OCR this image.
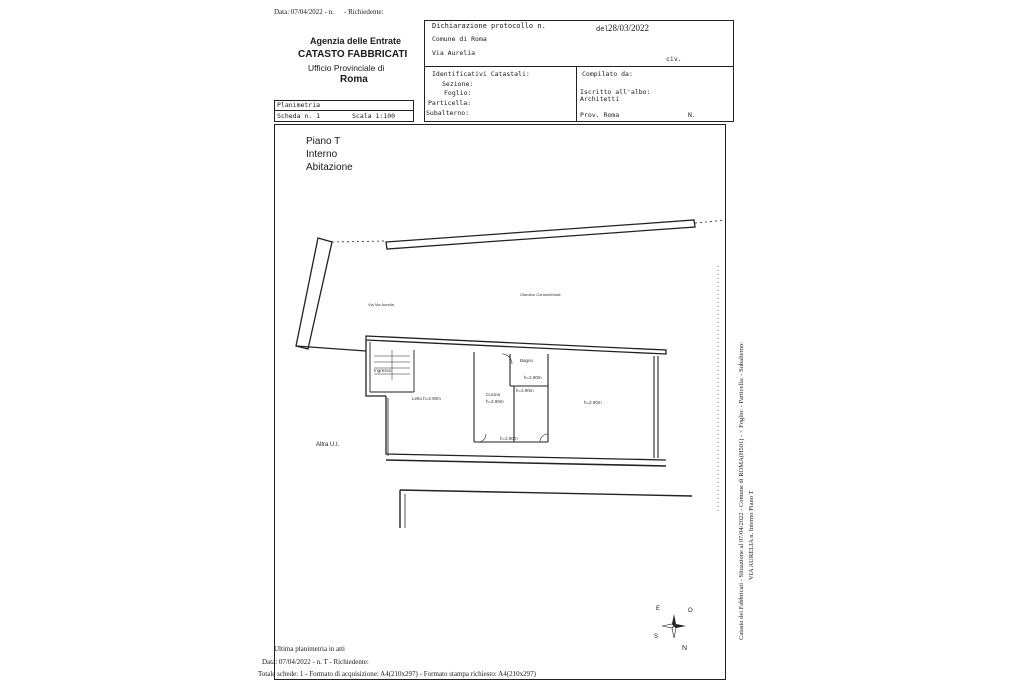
Data: 07/04/2022 - n. - Richiedente:
Agenzia delle Entrate
CATASTO FABBRICATI
Ufficio Provinciale di
Roma
Dichiarazione protocollo n.	del 28/03/2022
Comune di Roma
Via Aurelia
civ.
Identificativi Catastali:
Sezione:
Foglio:
Particella:
Subalterno:
Compilato da:
Iscritto all'albo:
Architetti
Prov. Roma	N.
Planimetria
Scheda n. 1	Scala 1:100
Piano T
Interno
Abitazione
Via Via Aurelia
Giardino Condominiale
Ingresso
Letto h=2.90m
Cucina
h=2.90m
Bagno
h=2.90m
h=2.90m
h=2.90m
h=2.90m
Altra U.I.
E	O
S
N
Catasto dei Fabbricati - Situazione al 07/04/2022 - Comune di ROMA(H501) - < Foglio: - Particella: - Subalterno: VIA AURELIA n. Interno Piano T
Ultima planimetria in atti
Data: 07/04/2022 - n. T - Richiedente:
Totale schede: 1 - Formato di acquisizione: A4(210x297) - Formato stampa richiesto: A4(210x297)
